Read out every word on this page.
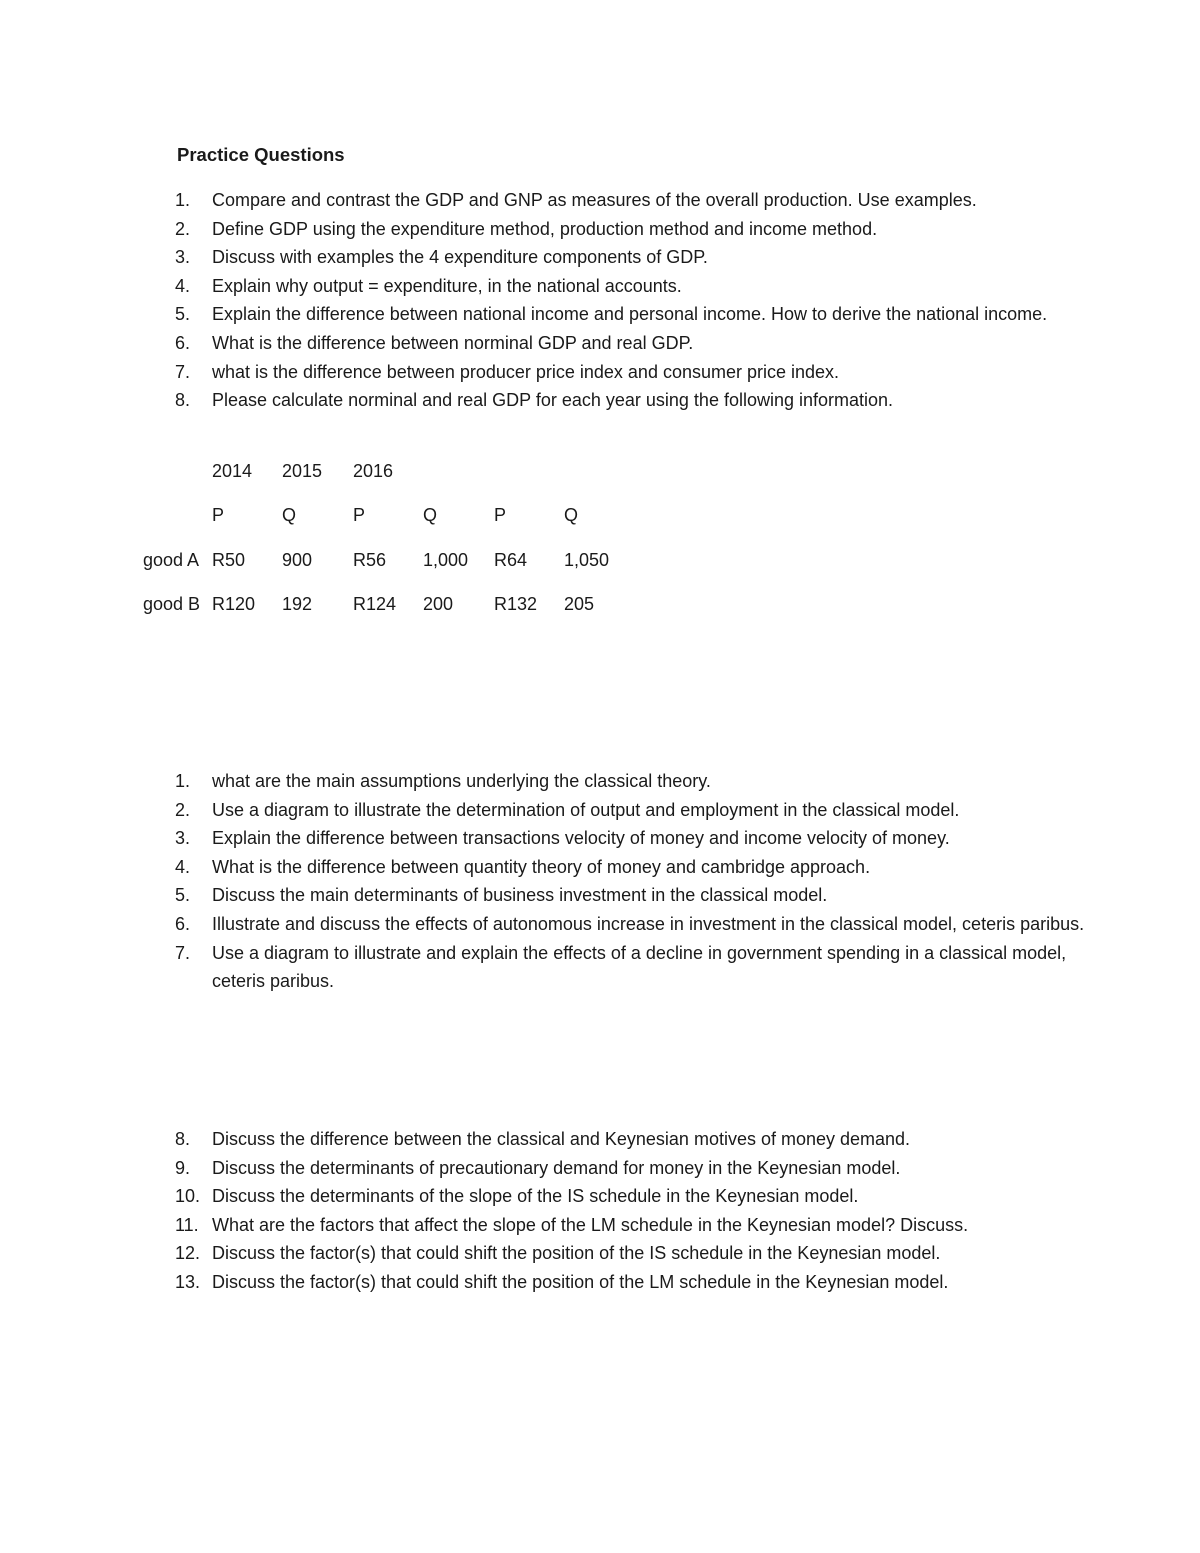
Practice Questions
1. Compare and contrast the GDP and GNP as measures of the overall production. Use examples.
2. Define GDP using the expenditure method, production method and income method.
3. Discuss with examples the 4 expenditure components of GDP.
4. Explain why output = expenditure, in the national accounts.
5. Explain the difference between national income and personal income. How to derive the national income.
6. What is the difference between norminal GDP and real GDP.
7. what is the difference between producer price index and consumer price index.
8. Please calculate norminal and real GDP for each year using the following information.
2014 2015 2016
P	Q	P	Q	P	Q
good A R50 900 R56 1,000 R64 1,050
good B R120 192 R124 200 R132 205
1. what are the main assumptions underlying the classical theory.
2. Use a diagram to illustrate the determination of output and employment in the classical model.
3. Explain the difference between transactions velocity of money and income velocity of money.
4. What is the difference between quantity theory of money and cambridge approach.
5. Discuss the main determinants of business investment in the classical model.
6. Illustrate and discuss the effects of autonomous increase in investment in the classical model, ceteris paribus.
7. Use a diagram to illustrate and explain the effects of a decline in government spending in a classical model, ceteris paribus.
8. Discuss the difference between the classical and Keynesian motives of money demand.
9. Discuss the determinants of precautionary demand for money in the Keynesian model.
10. Discuss the determinants of the slope of the IS schedule in the Keynesian model.
11. What are the factors that affect the slope of the LM schedule in the Keynesian model? Discuss.
12. Discuss the factor(s) that could shift the position of the IS schedule in the Keynesian model.
13. Discuss the factor(s) that could shift the position of the LM schedule in the Keynesian model.
